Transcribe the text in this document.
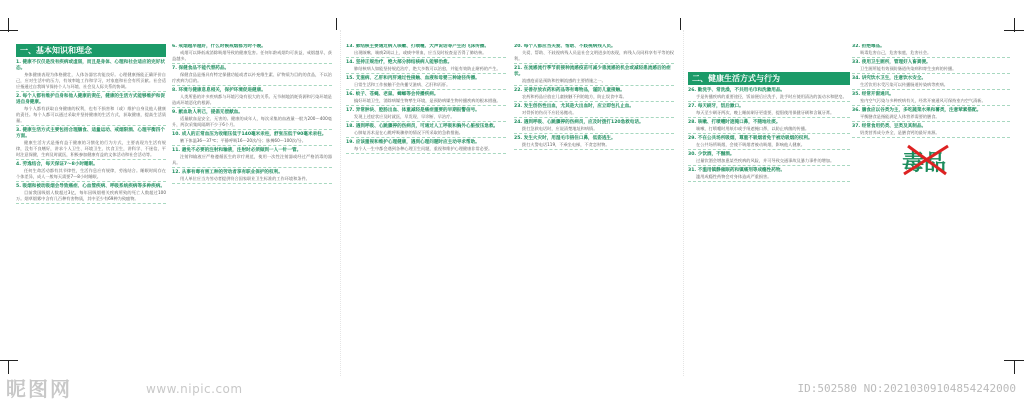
一、基本知识和理念
1. 健康不仅仅是没有疾病或虚弱，而且是身体、心理和社会适应的完好状态。
身体健康表现为体格健壮，人体各器官功能良好。心理健康指能正确评价自己，应对生活中的压力，有效率地工作和学习，对家庭和社会有所贡献。社会适应指通过自我调节保持个人与环境、社会及人际关系的协调。
2. 每个人都有维护自身和他人健康的责任，健康的生活方式能够维护和促进自身健康。
每个人都有获取自身健康的权利，也有不损害和（或）维护自身及他人健康的责任。每个人都可以通过采取并坚持健康的生活方式，获取健康，提高生活质量。
3. 健康生活方式主要包括合理膳食、适量运动、戒烟限酒、心理平衡四个方面。
健康生活方式是指有益于健康的习惯化的行为方式，主要表现为生活有规律，没有不良嗜好，讲求个人卫生、环境卫生、饮食卫生，讲科学、不迷信，平时注意保健，生病及时就医，积极参加健康有益的文体活动和社会活动等。
4. 劳逸结合，每天保证7～8小时睡眠。
任何生命活动都有其节律性，生活作息应有规律，劳逸结合。睡眠时间存在个体差异，成人一般每天需要7～8小时睡眠。
5. 吸烟和被动吸烟会导致癌症、心血管疾病、呼吸系统疾病等多种疾病。
目前我国吸烟人数超过3亿，每年因吸烟相关疾病所致的死亡人数超过100万。烟草烟雾中含有几百种有害物质，其中至少有69种为致癌物。
6. 戒烟越早越好，什么时候戒烟都为时不晚。
戒烟可以降低或消除吸烟导致的健康危害。任何年龄戒烟均可获益，戒烟越早，获益越多。
7. 保健食品不能代替药品。
保健食品是指具有特定保健功能或者以补充维生素、矿物质为目的的食品，不以治疗疾病为目的。
8. 环境与健康息息相关，保护环境促进健康。
人类所患的许多疾病都与环境污染有很大的关系。无节制地消耗资源和污染环境是造成环境恶化的根源。
9. 献血助人利己，提倡无偿献血。
适量献血是安全、无害的。健康的成年人，每次采集的血液量一般为200～400毫升，两次采集间隔期不少于6个月。
10. 成人的正常血压为收缩压低于140毫米汞柱，舒张压低于90毫米汞柱。
腋下体温36～37℃；平静呼吸16～20次/分；脉搏60～100次/分。
11. 避免不必要的注射和输液，注射时必须做到一人一针一管。
注射和输液应严格遵循医生的诊疗规范，使用一次性注射器或经过严格消毒的器具。
12. 从事有毒有害工种的劳动者享有职业保护的权利。
用人单位应当为劳动者提供符合国家职业卫生标准的工作环境和条件。
13. 肺结核主要通过病人咳嗽、打喷嚏、大声说话等产生的飞沫传播。
出现咳嗽、咳痰2周以上，或痰中带血，应当及时检查是否得了肺结核。
14. 坚持正规治疗，绝大部分肺结核病人能够治愈。
肺结核病人如能坚持规范治疗，绝大多数可以治愈，并能有效防止耐药的产生。
15. 艾滋病、乙肝和丙肝通过性接触、血液和母婴三种途径传播。
日常生活和工作接触不会传播艾滋病、乙肝和丙肝。
16. 蚊子、苍蝇、老鼠、蟑螂等会传播疾病。
搞好环境卫生，消除病媒生物孳生环境，是预防病媒生物传播疾病的根本措施。
17. 异常肿块、腔肠出血、体重减轻是癌症重要的早期报警信号。
发现上述症状应及时就医，早发现、早诊断、早治疗。
18. 遇到呼吸、心跳骤停的伤病员，可通过人工呼吸和胸外心脏按压急救。
心肺复苏术是在心跳呼吸骤停的情况下所采取的急救措施。
19. 应该重视和维护心理健康，遇到心理问题时应主动寻求帮助。
每个人一生中都会遇到各种心理卫生问题，重视和维护心理健康非常必要。
20. 每个人都应当关爱、帮助、不歧视病残人员。
关爱、帮助、不歧视病残人员是社会文明进步的表现，病残人员同样享有平等的权利。
21. 在流感流行季节前接种流感疫苗可减少患流感的机会或减轻患流感后的症状。
流感疫苗是预防和控制流感的主要措施之一。
22. 妥善存放农药和药品等有毒物品，谨防儿童接触。
农药和药品应放在儿童接触不到的地方，防止误食中毒。
23. 发生创伤性出血，尤其是大出血时，应立即包扎止血。
对骨折的伤员不应轻易搬动。
24. 遇到呼吸、心跳骤停的伤病员，应及时拨打120急救电话。
拨打急救电话时，应说清楚地址和病情。
25. 发生火灾时，用湿毛巾捂住口鼻，低姿逃生。
拨打火警电话119，不乘坐电梯，不贪恋财物。
二、健康生活方式与行为
26. 勤洗手、常洗澡，不共用毛巾和洗漱用品。
手是传播疾病的重要途径，饭前便后应洗手，洗手时应使用清洁的流动水和肥皂。
27. 每天刷牙，饭后漱口。
每天至少刷牙两次，晚上睡前刷牙更重要，提倡使用保健牙刷和含氟牙膏。
28. 咳嗽、打喷嚏时遮掩口鼻，不随地吐痰。
咳嗽、打喷嚏时用纸巾或手绢遮掩口鼻，以防止病菌的传播。
29. 不在公共场所吸烟，尊重不吸烟者免于被动吸烟的权利。
在公共场所吸烟，会使不吸烟者被动吸烟，影响他人健康。
30. 少饮酒，不酗酒。
过量饮酒会增加患某些疾病的风险，并可导致交通事故及暴力事件的增加。
31. 不滥用镇静催眠药和镇痛剂等成瘾性药物。
滥用成瘾性药物会对身体造成严重损害。
32. 拒绝毒品。
吸毒危害自己，危害家庭，危害社会。
33. 使用卫生厕所，管理好人畜粪便。
卫生厕所能有效预防肠道传染病和寄生虫病的传播。
34. 讲究饮水卫生，注意饮水安全。
生活饮用水受污染可以传播肠道传染病等疾病。
35. 经常开窗通风。
室内空气污染与多种疾病有关，经常开窗通风可保持室内空气清新。
36. 膳食应以谷类为主，多吃蔬菜水果和薯类，注意荤素搭配。
平衡膳食是指能满足人体营养需要的膳食。
37. 经常食用奶类、豆类及其制品。
奶类营养成分齐全，是膳食钙的最好来源。
毒品
昵图网	www.nipic.com	ID:502580 NO:20210309104854242000
